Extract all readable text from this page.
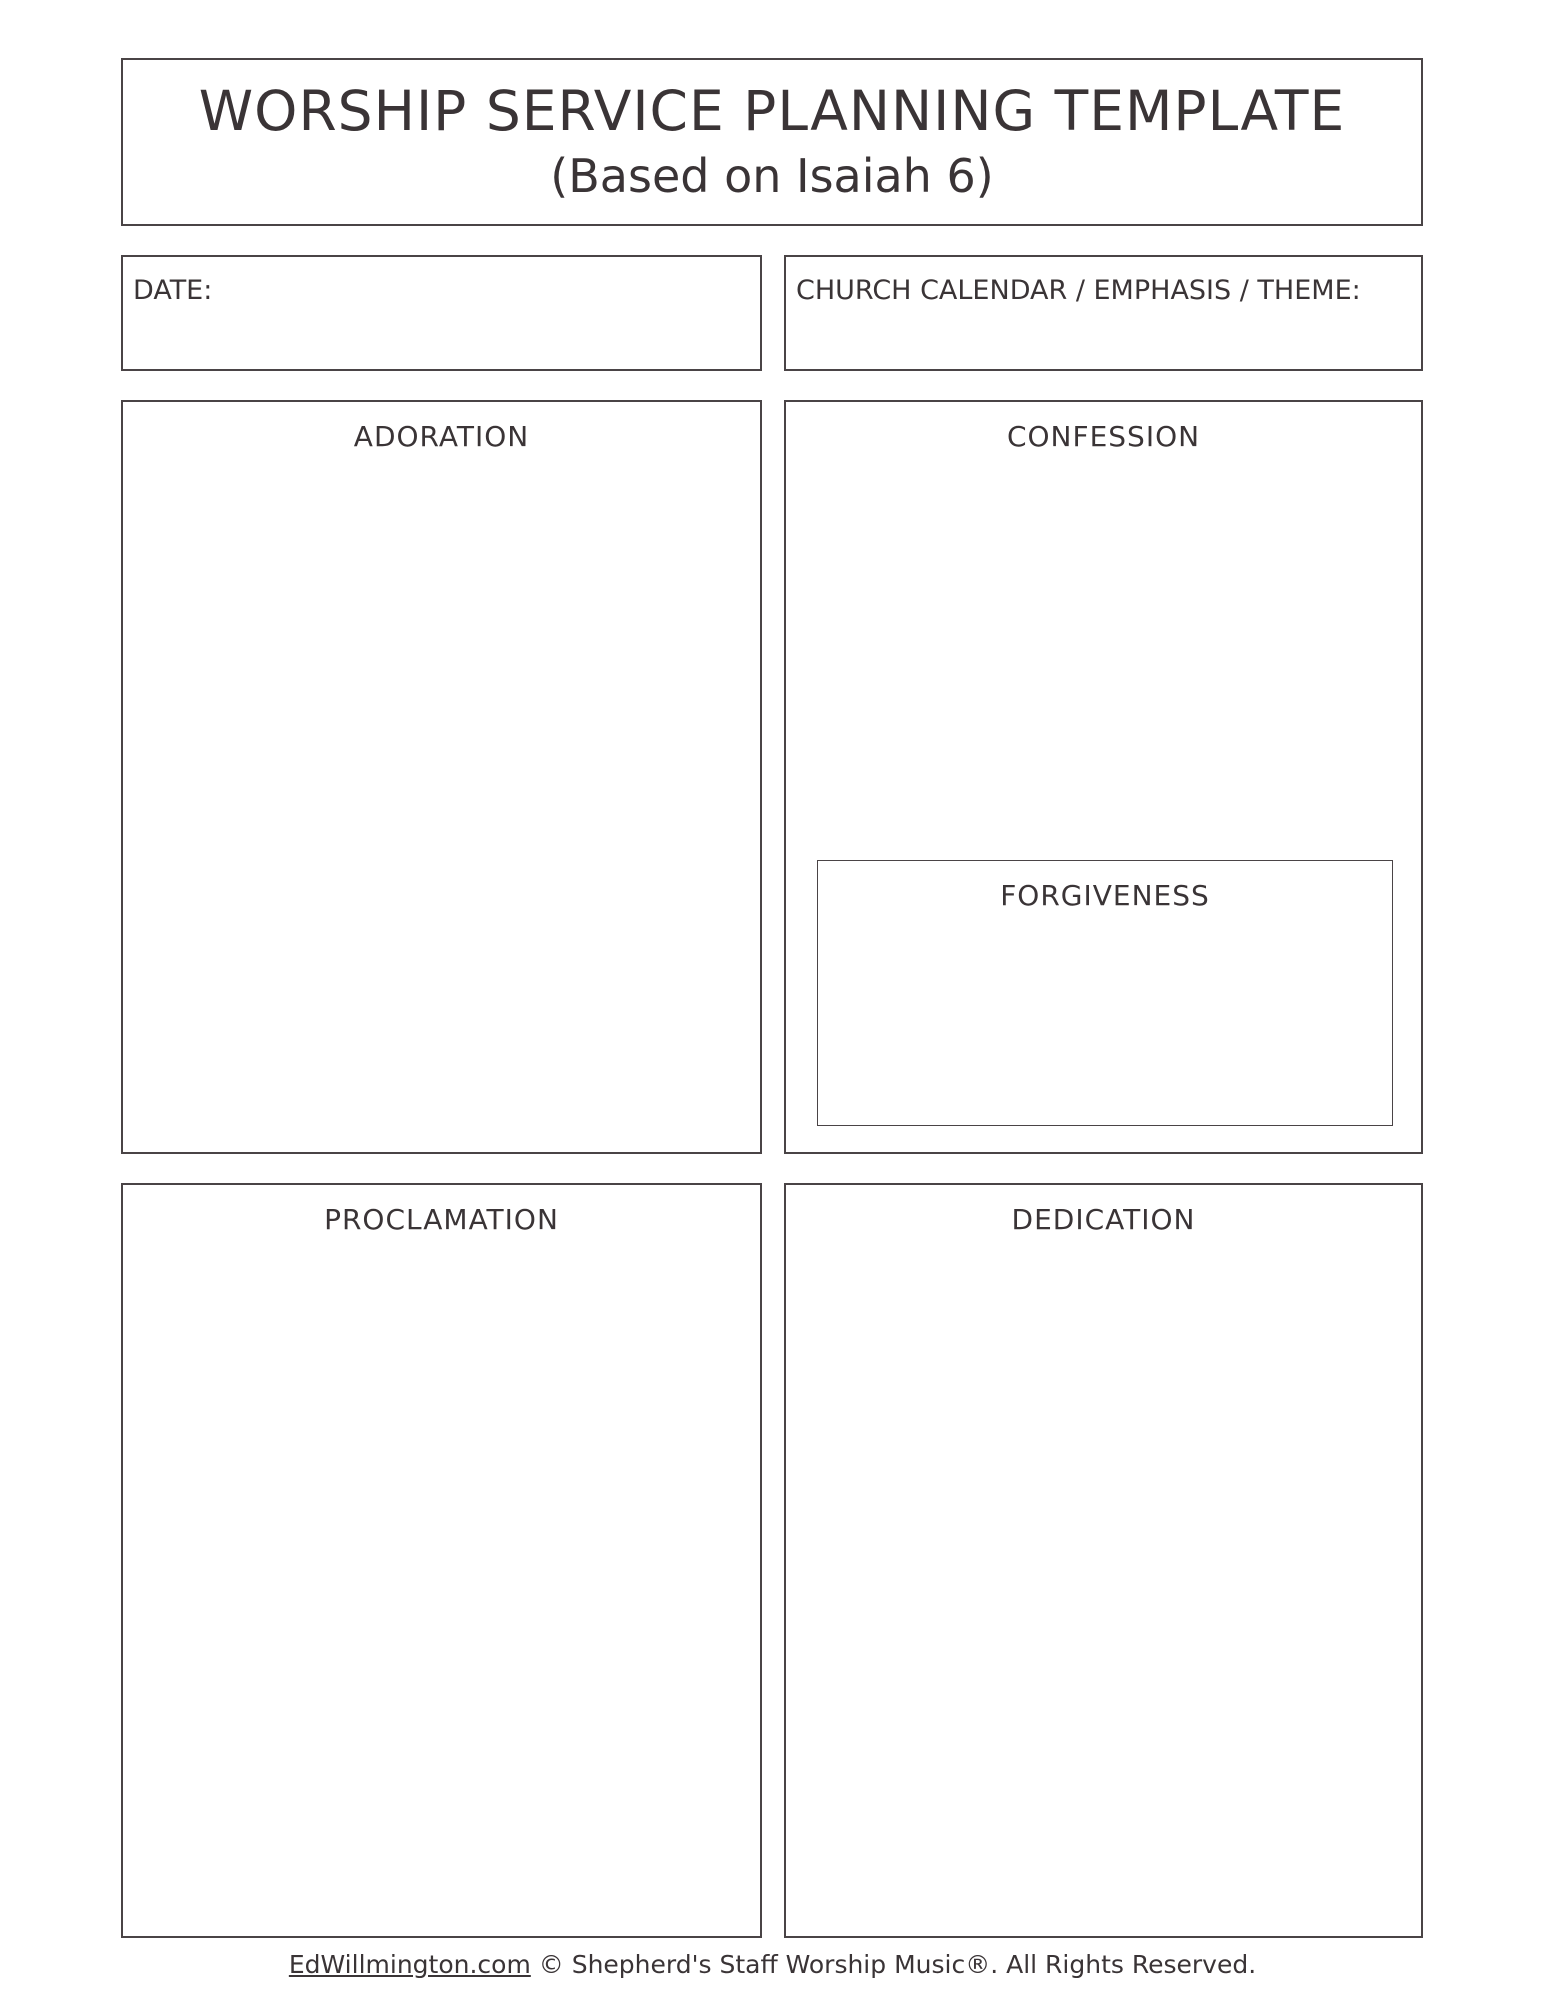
WORSHIP SERVICE PLANNING TEMPLATE
(Based on Isaiah 6)
DATE:	CHURCH CALENDAR / EMPHASIS / THEME:
ADORATION	CONFESSION
FORGIVENESS
PROCLAMATION	DEDICATION
EdWillmington.com © Shepherd's Staff Worship Music®. All Rights Reserved.
